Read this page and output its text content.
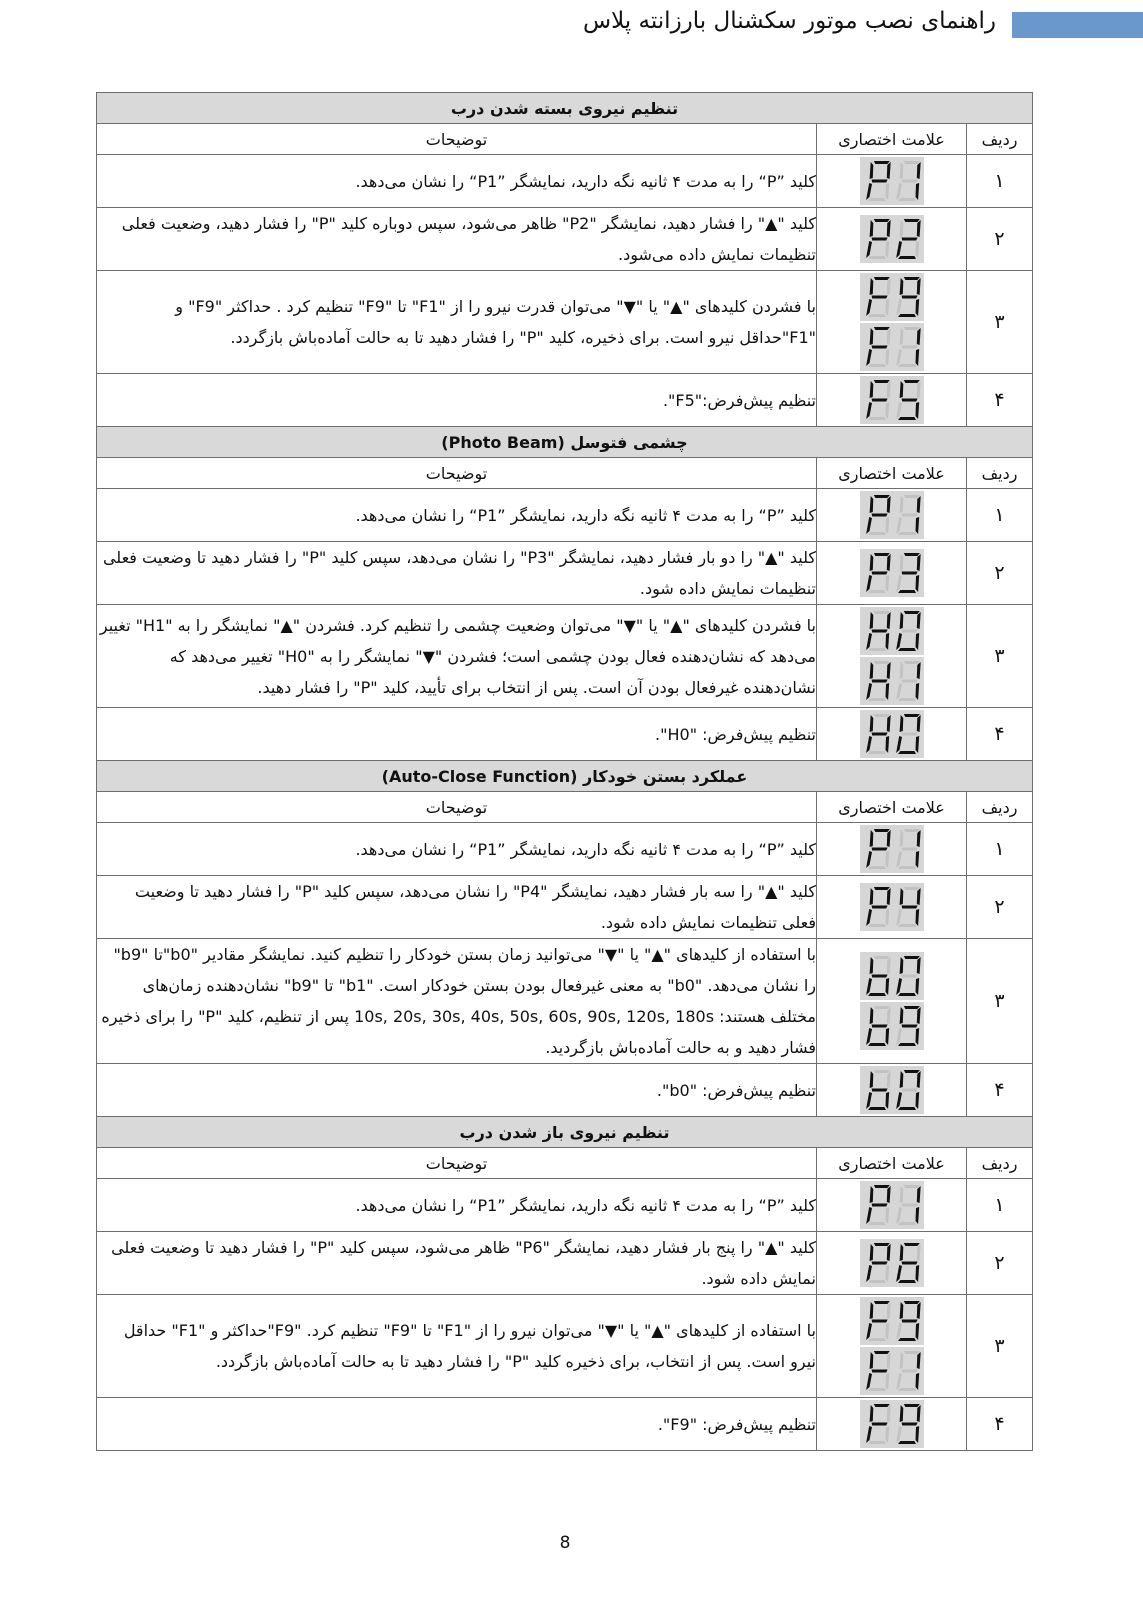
راهنمای نصب موتور سکشنال بارزانته پلاس
تنظیم نیروی بسته شدن درب		
ردیف	علامت اختصاری	توضیحات
۱		کلید ”P“ را به مدت ۴ ثانیه نگه دارید، نمایشگر ”P1“ را نشان می‌دهد.
۲		کلید "▲" را فشار دهید، نمایشگر "P2" ظاهر می‌شود، سپس دوباره کلید "P" را فشار دهید، وضعیت فعلی تنظیمات نمایش داده می‌شود.
۳		با فشردن کلیدهای "▲" یا "▼" می‌توان قدرت نیرو را از "F1" تا "F9" تنظیم کرد . حداکثر "F9" و "F1"حداقل نیرو است. برای ذخیره، کلید "P" را فشار دهید تا به حالت آماده‌باش بازگردد.
۴		تنظیم پیش‌فرض:"F5".
چشمی فتوسل (Photo Beam)		
ردیف	علامت اختصاری	توضیحات
۱		کلید ”P“ را به مدت ۴ ثانیه نگه دارید، نمایشگر ”P1“ را نشان می‌دهد.
۲		کلید "▲" را دو بار فشار دهید، نمایشگر "P3" را نشان می‌دهد، سپس کلید "P" را فشار دهید تا وضعیت فعلی تنظیمات نمایش داده شود.
۳		با فشردن کلیدهای "▲" یا "▼" می‌توان وضعیت چشمی را تنظیم کرد. فشردن "▲" نمایشگر را به "H1" تغییر می‌دهد که نشان‌دهنده فعال بودن چشمی است؛ فشردن "▼" نمایشگر را به "H0" تغییر می‌دهد که نشان‌دهنده غیرفعال بودن آن است. پس از انتخاب برای تأیید، کلید "P" را فشار دهید.
۴		تنظیم پیش‌فرض: "H0".
عملکرد بستن خودکار (Auto-Close Function)		
ردیف	علامت اختصاری	توضیحات
۱		کلید ”P“ را به مدت ۴ ثانیه نگه دارید، نمایشگر ”P1“ را نشان می‌دهد.
۲		کلید "▲" را سه بار فشار دهید، نمایشگر "P4" را نشان می‌دهد، سپس کلید "P" را فشار دهید تا وضعیت فعلی تنظیمات نمایش داده شود.
۳		با استفاده از کلیدهای "▲" یا "▼" می‌توانید زمان بستن خودکار را تنظیم کنید. نمایشگر مقادیر "b0"تا "b9" را نشان می‌دهد. "b0" به معنی غیرفعال بودن بستن خودکار است. "b1" تا "b9" نشان‌دهنده زمان‌های مختلف هستند: 10s, 20s, 30s, 40s, 50s, 60s, 90s, 120s, 180s پس از تنظیم، کلید "P" را برای ذخیره فشار دهید و به حالت آماده‌باش بازگردید.
۴		تنظیم پیش‌فرض: "b0".
تنظیم نیروی باز شدن درب		
ردیف	علامت اختصاری	توضیحات
۱		کلید ”P“ را به مدت ۴ ثانیه نگه دارید، نمایشگر ”P1“ را نشان می‌دهد.
۲		کلید "▲" را پنج بار فشار دهید، نمایشگر "P6" ظاهر می‌شود، سپس کلید "P" را فشار دهید تا وضعیت فعلی نمایش داده شود.
۳		با استفاده از کلیدهای "▲" یا "▼" می‌توان نیرو را از "F1" تا "F9" تنظیم کرد. "F9"حداکثر و "F1" حداقل نیرو است. پس از انتخاب، برای ذخیره کلید "P" را فشار دهید تا به حالت آماده‌باش بازگردد.
۴		تنظیم پیش‌فرض: "F9".
8
